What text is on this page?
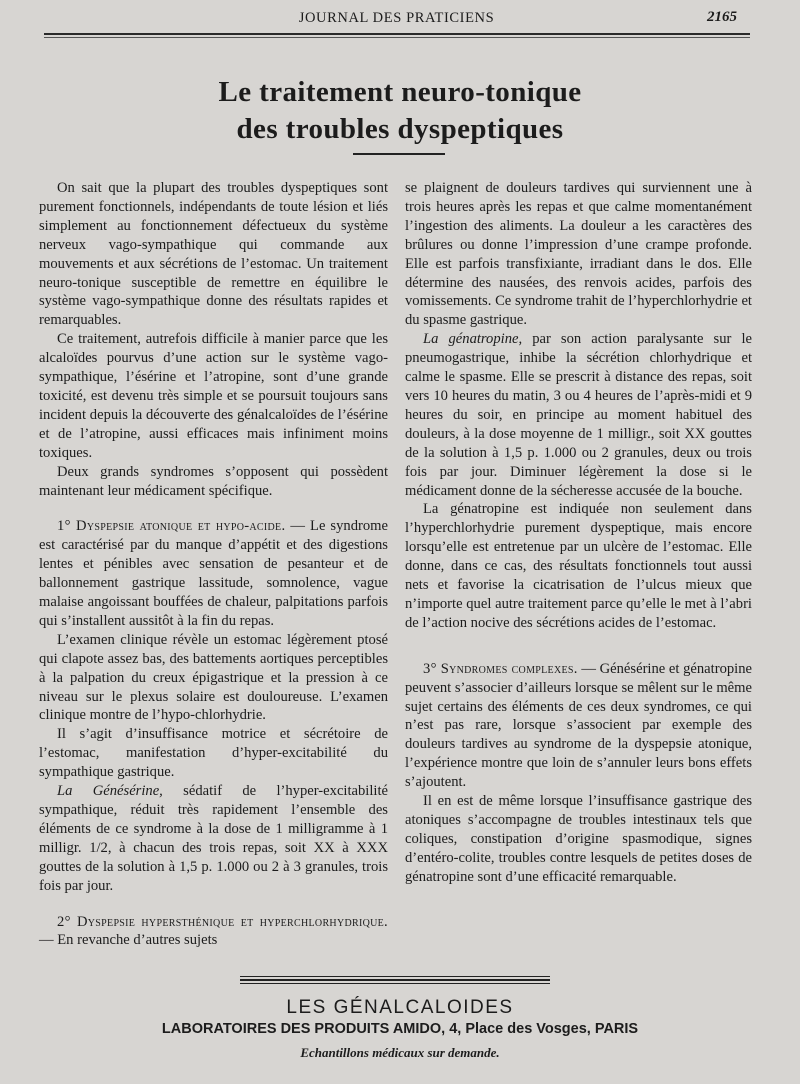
JOURNAL DES PRATICIENS	2165
Le traitement neuro-tonique
des troubles dyspeptiques

On sait que la plupart des troubles dyspeptiques sont purement fonctionnels, indépendants de toute lésion et liés simplement au fonctionnement défectueux du système nerveux vago-sympathique qui commande aux mouvements et aux sécrétions de l’estomac. Un traitement neuro-tonique susceptible de remettre en équilibre le système vago-sympathique donne des résultats rapides et remarquables.

Ce traitement, autrefois difficile à manier parce que les alcaloïdes pourvus d’une action sur le système vago-sympathique, l’ésérine et l’atropine, sont d’une grande toxicité, est devenu très simple et se poursuit toujours sans incident depuis la découverte des génalcaloïdes de l’ésérine et de l’atropine, aussi efficaces mais infiniment moins toxiques.

Deux grands syndromes s’opposent qui possèdent maintenant leur médicament spécifique.

1° Dyspepsie atonique et hypo-acide. — Le syndrome est caractérisé par du manque d’appétit et des digestions lentes et pénibles avec sensation de pesanteur et de ballonnement gastrique lassitude, somnolence, vague malaise angoissant bouffées de chaleur, palpitations parfois qui s’installent aussitôt à la fin du repas.

L’examen clinique révèle un estomac légèrement ptosé qui clapote assez bas, des battements aortiques perceptibles à la palpation du creux épigastrique et la pression à ce niveau sur le plexus solaire est douloureuse. L’examen clinique montre de l’hypo-chlorhydrie.

Il s’agit d’insuffisance motrice et sécrétoire de l’estomac, manifestation d’hyper-excitabilité du sympathique gastrique.

La Génésérine, sédatif de l’hyper-excitabilité sympathique, réduit très rapidement l’ensemble des éléments de ce syndrome à la dose de 1 milligramme à 1 milligr. 1/2, à chacun des trois repas, soit XX à XXX gouttes de la solution à 1,5 p. 1.000 ou 2 à 3 granules, trois fois par jour.

2° Dyspepsie hypersthénique et hyperchlorhydrique. — En revanche d’autres sujets

se plaignent de douleurs tardives qui surviennent une à trois heures après les repas et que calme momentanément l’ingestion des aliments. La douleur a les caractères des brûlures ou donne l’impression d’une crampe profonde. Elle est parfois transfixiante, irradiant dans le dos. Elle détermine des nausées, des renvois acides, parfois des vomissements. Ce syndrome trahit de l’hyperchlorhydrie et du spasme gastrique.

La génatropine, par son action paralysante sur le pneumogastrique, inhibe la sécrétion chlorhydrique et calme le spasme. Elle se prescrit à distance des repas, soit vers 10 heures du matin, 3 ou 4 heures de l’après-midi et 9 heures du soir, en principe au moment habituel des douleurs, à la dose moyenne de 1 milligr., soit XX gouttes de la solution à 1,5 p. 1.000 ou 2 granules, deux ou trois fois par jour. Diminuer légèrement la dose si le médicament donne de la sécheresse accusée de la bouche.

La génatropine est indiquée non seulement dans l’hyperchlorhydrie purement dyspeptique, mais encore lorsqu’elle est entretenue par un ulcère de l’estomac. Elle donne, dans ce cas, des résultats fonctionnels tout aussi nets et favorise la cicatrisation de l’ulcus mieux que n’importe quel autre traitement parce qu’elle le met à l’abri de l’action nocive des sécrétions acides de l’estomac.

3° Syndromes complexes. — Génésérine et génatropine peuvent s’associer d’ailleurs lorsque se mêlent sur le même sujet certains des éléments de ces deux syndromes, ce qui n’est pas rare, lorsque s’associent par exemple des douleurs tardives au syndrome de la dyspepsie atonique, l’expérience montre que loin de s’annuler leurs bons effets s’ajoutent.

Il en est de même lorsque l’insuffisance gastrique des atoniques s’accompagne de troubles intestinaux tels que coliques, constipation d’origine spasmodique, signes d’entéro-colite, troubles contre lesquels de petites doses de génatropine sont d’une efficacité remarquable.

LES GÉNALCALOIDES
LABORATOIRES DES PRODUITS AMIDO, 4, Place des Vosges, PARIS
Echantillons médicaux sur demande.
